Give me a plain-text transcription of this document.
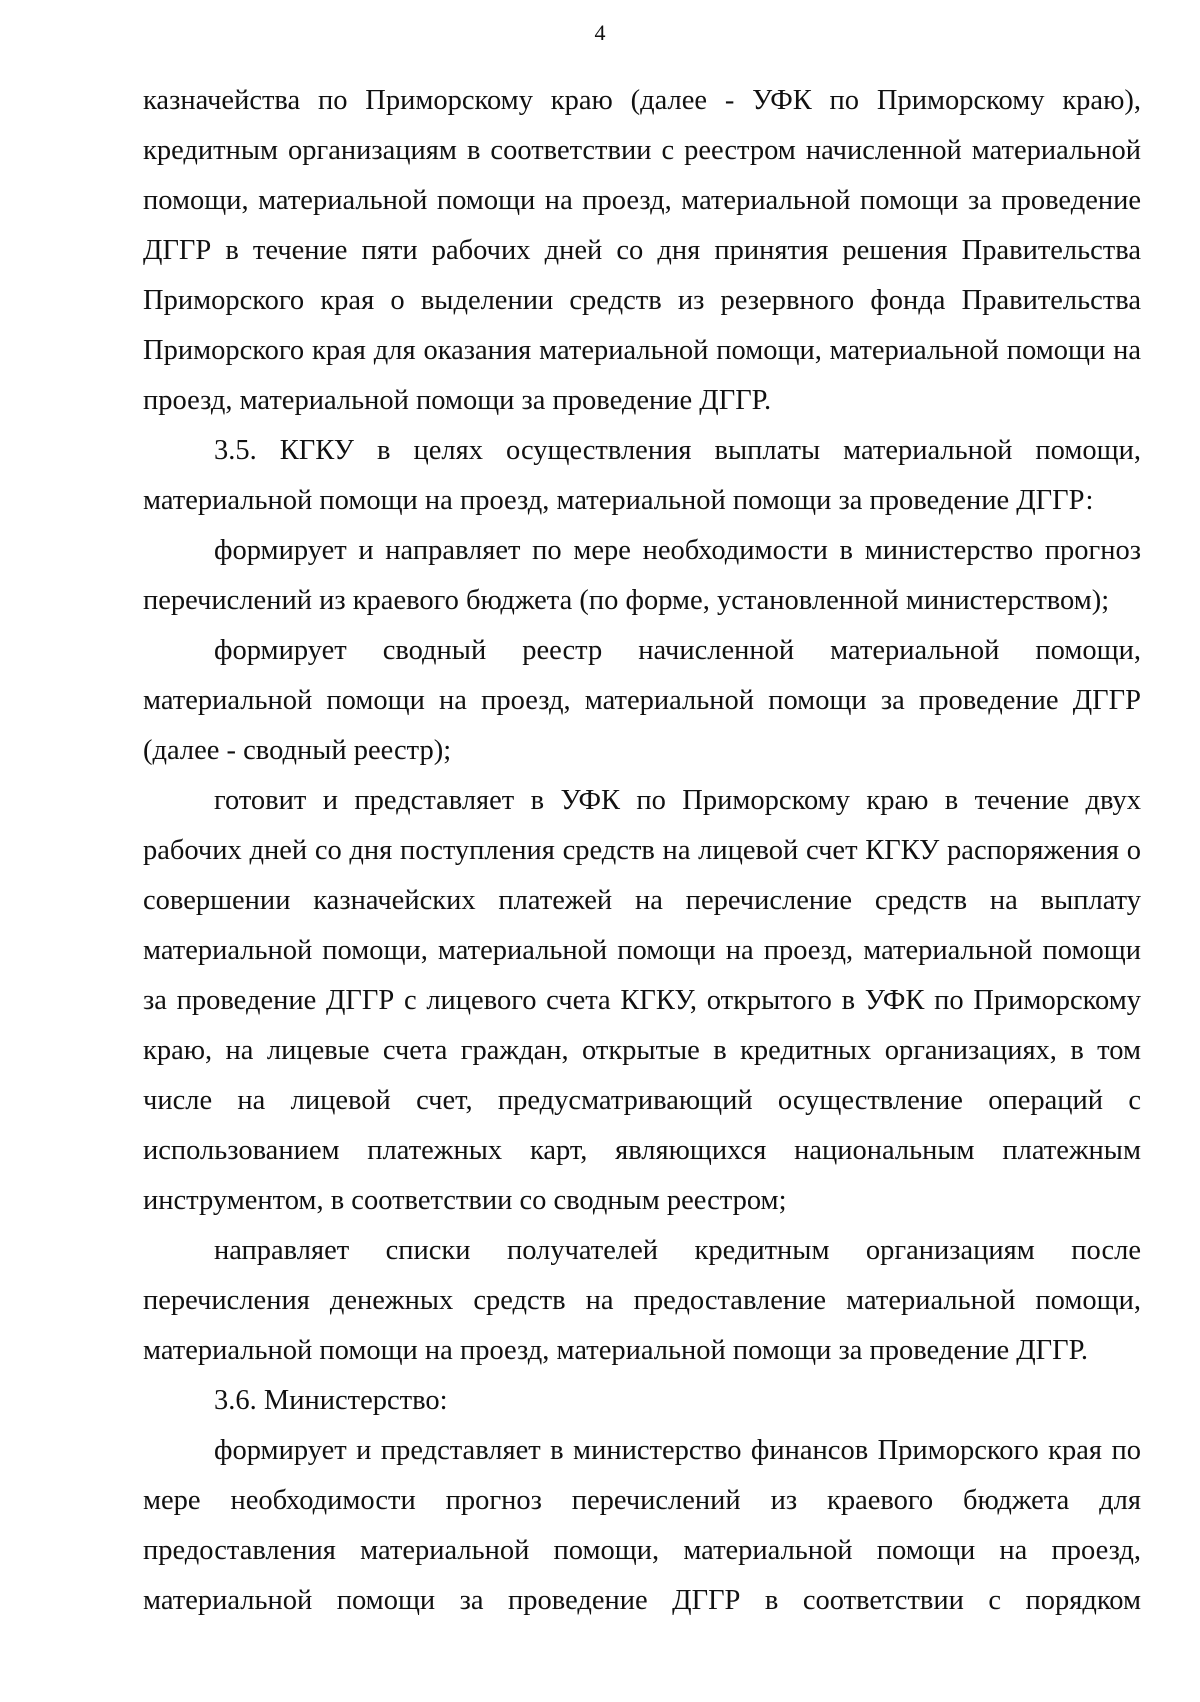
4

казначейства по Приморскому краю (далее - УФК по Приморскому краю), кредитным организациям в соответствии с реестром начисленной материальной помощи, материальной помощи на проезд, материальной помощи за проведение ДГГР в течение пяти рабочих дней со дня принятия решения Правительства Приморского края о выделении средств из резервного фонда Правительства Приморского края для оказания материальной помощи, материальной помощи на проезд, материальной помощи за проведение ДГГР.

3.5. КГКУ в целях осуществления выплаты материальной помощи, материальной помощи на проезд, материальной помощи за проведение ДГГР:

формирует и направляет по мере необходимости в министерство прогноз перечислений из краевого бюджета (по форме, установленной министерством);

формирует сводный реестр начисленной материальной помощи, материальной помощи на проезд, материальной помощи за проведение ДГГР (далее - сводный реестр);

готовит и представляет в УФК по Приморскому краю в течение двух рабочих дней со дня поступления средств на лицевой счет КГКУ распоряжения о совершении казначейских платежей на перечисление средств на выплату материальной помощи, материальной помощи на проезд, материальной помощи за проведение ДГГР с лицевого счета КГКУ, открытого в УФК по Приморскому краю, на лицевые счета граждан, открытые в кредитных организациях, в том числе на лицевой счет, предусматривающий осуществление операций с использованием платежных карт, являющихся национальным платежным инструментом, в соответствии со сводным реестром;

направляет списки получателей кредитным организациям после перечисления денежных средств на предоставление материальной помощи, материальной помощи на проезд, материальной помощи за проведение ДГГР.

3.6. Министерство:

формирует и представляет в министерство финансов Приморского края по мере необходимости прогноз перечислений из краевого бюджета для предоставления материальной помощи, материальной помощи на проезд, материальной помощи за проведение ДГГР в соответствии с порядком
